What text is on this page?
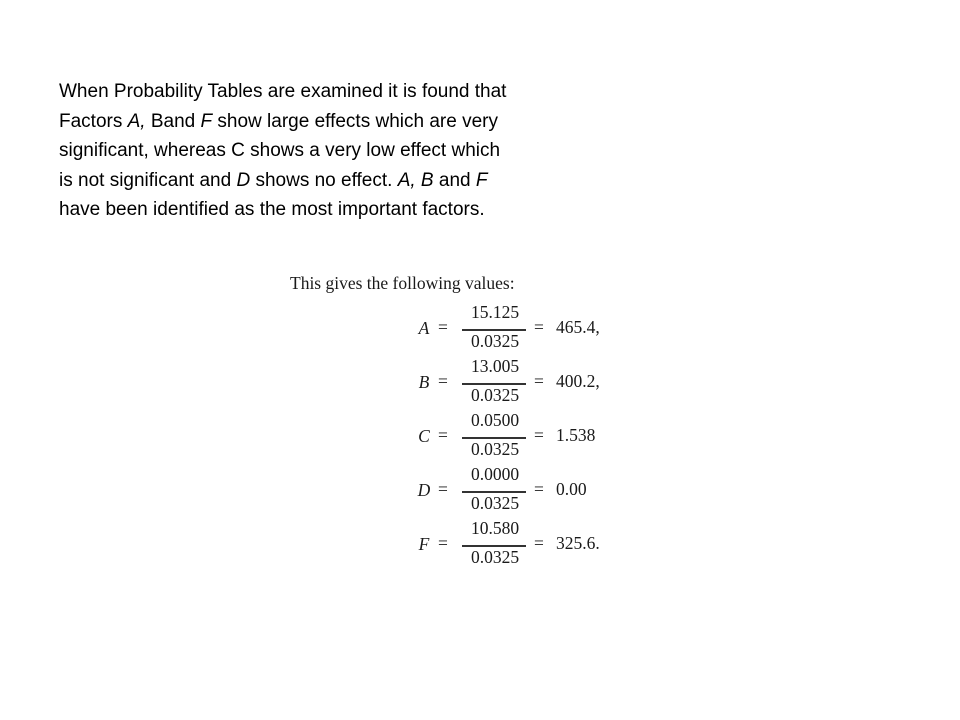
When Probability Tables are examined it is found that

Factors A, Band F show large effects which are very

significant, whereas C shows a very low effect which

is not significant and D shows no effect. A, B and F

have been identified as the most important factors.

This gives the following values:
A =
15.125
0.0325
= 465.4,
B =
13.005
0.0325
= 400.2,
C =
0.0500
0.0325
= 1.538
D =
0.0000
0.0325
= 0.00
F =
10.580
0.0325
= 325.6.
